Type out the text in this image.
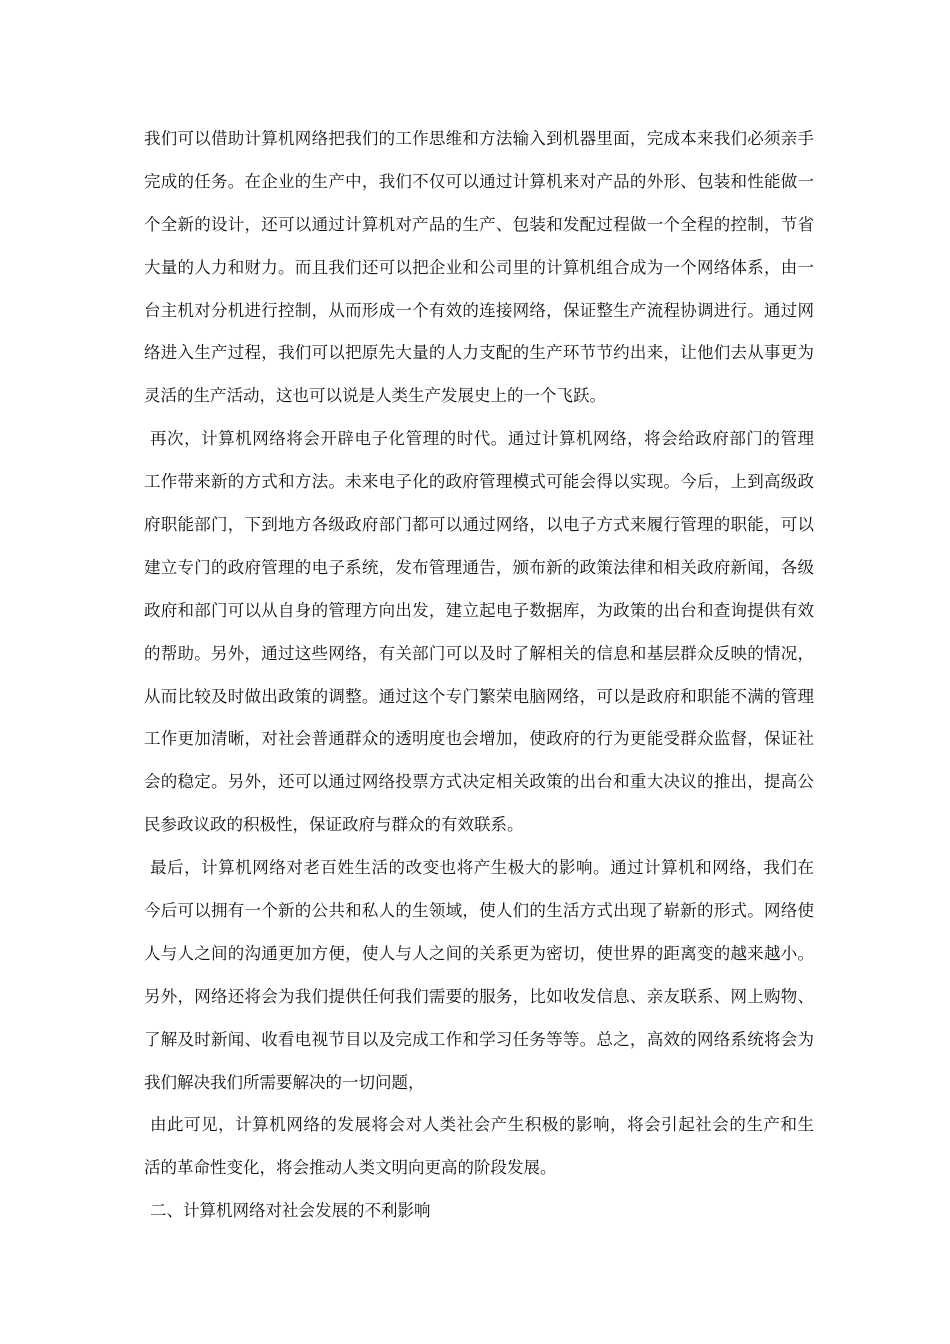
我们可以借助计算机网络把我们的工作思维和方法输入到机器里面，完成本来我们必须亲手
完成的任务。在企业的生产中，我们不仅可以通过计算机来对产品的外形、包装和性能做一
个全新的设计，还可以通过计算机对产品的生产、包装和发配过程做一个全程的控制，节省
大量的人力和财力。而且我们还可以把企业和公司里的计算机组合成为一个网络体系，由一
台主机对分机进行控制，从而形成一个有效的连接网络，保证整生产流程协调进行。通过网
络进入生产过程，我们可以把原先大量的人力支配的生产环节节约出来，让他们去从事更为
灵活的生产活动，这也可以说是人类生产发展史上的一个飞跃。
再次，计算机网络将会开辟电子化管理的时代。通过计算机网络，将会给政府部门的管理
工作带来新的方式和方法。未来电子化的政府管理模式可能会得以实现。今后，上到高级政
府职能部门，下到地方各级政府部门都可以通过网络，以电子方式来履行管理的职能，可以
建立专门的政府管理的电子系统，发布管理通告，颁布新的政策法律和相关政府新闻，各级
政府和部门可以从自身的管理方向出发，建立起电子数据库，为政策的出台和查询提供有效
的帮助。另外，通过这些网络，有关部门可以及时了解相关的信息和基层群众反映的情况，
从而比较及时做出政策的调整。通过这个专门繁荣电脑网络，可以是政府和职能不满的管理
工作更加清晰，对社会普通群众的透明度也会增加，使政府的行为更能受群众监督，保证社
会的稳定。另外，还可以通过网络投票方式决定相关政策的出台和重大决议的推出，提高公
民参政议政的积极性，保证政府与群众的有效联系。
最后，计算机网络对老百姓生活的改变也将产生极大的影响。通过计算机和网络，我们在
今后可以拥有一个新的公共和私人的生领域，使人们的生活方式出现了崭新的形式。网络使
人与人之间的沟通更加方便，使人与人之间的关系更为密切，使世界的距离变的越来越小。
另外，网络还将会为我们提供任何我们需要的服务，比如收发信息、亲友联系、网上购物、
了解及时新闻、收看电视节目以及完成工作和学习任务等等。总之，高效的网络系统将会为
我们解决我们所需要解决的一切问题，
由此可见，计算机网络的发展将会对人类社会产生积极的影响，将会引起社会的生产和生
活的革命性变化，将会推动人类文明向更高的阶段发展。
二、计算机网络对社会发展的不利影响
